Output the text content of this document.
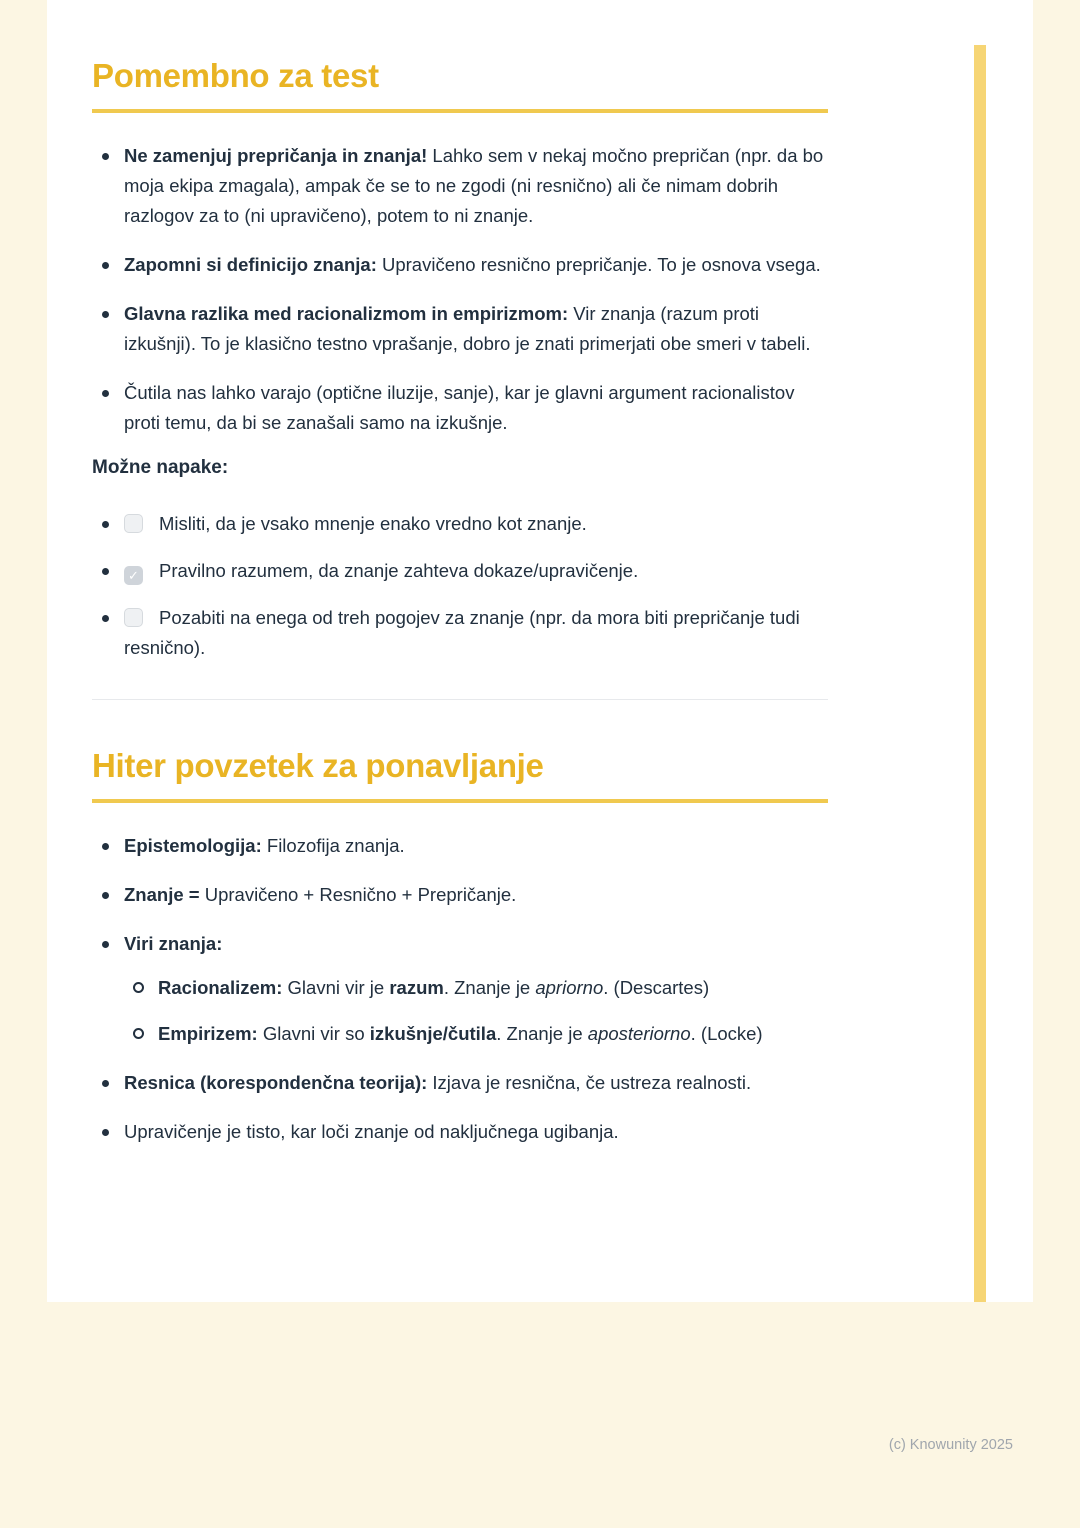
Pomembno za test
Ne zamenjuj prepričanja in znanja! Lahko sem v nekaj močno prepričan (npr. da bo moja ekipa zmagala), ampak če se to ne zgodi (ni resnično) ali če nimam dobrih razlogov za to (ni upravičeno), potem to ni znanje.
Zapomni si definicijo znanja: Upravičeno resnično prepričanje. To je osnova vsega.
Glavna razlika med racionalizmom in empirizmom: Vir znanja (razum proti izkušnji). To je klasično testno vprašanje, dobro je znati primerjati obe smeri v tabeli.
Čutila nas lahko varajo (optične iluzije, sanje), kar je glavni argument racionalistov proti temu, da bi se zanašali samo na izkušnje.

Možne napake:

Misliti, da je vsako mnenje enako vredno kot znanje.
✓ Pravilno razumem, da znanje zahteva dokaze/upravičenje.
Pozabiti na enega od treh pogojev za znanje (npr. da mora biti prepričanje tudi resnično).
Hiter povzetek za ponavljanje
Epistemologija: Filozofija znanja.
Znanje = Upravičeno + Resnično + Prepričanje.
Viri znanja:
Racionalizem: Glavni vir je razum. Znanje je apriorno. (Descartes)
Empirizem: Glavni vir so izkušnje/čutila. Znanje je aposteriorno. (Locke)
Resnica (korespondenčna teorija): Izjava je resnična, če ustreza realnosti.
Upravičenje je tisto, kar loči znanje od naključnega ugibanja.
(c) Knowunity 2025
